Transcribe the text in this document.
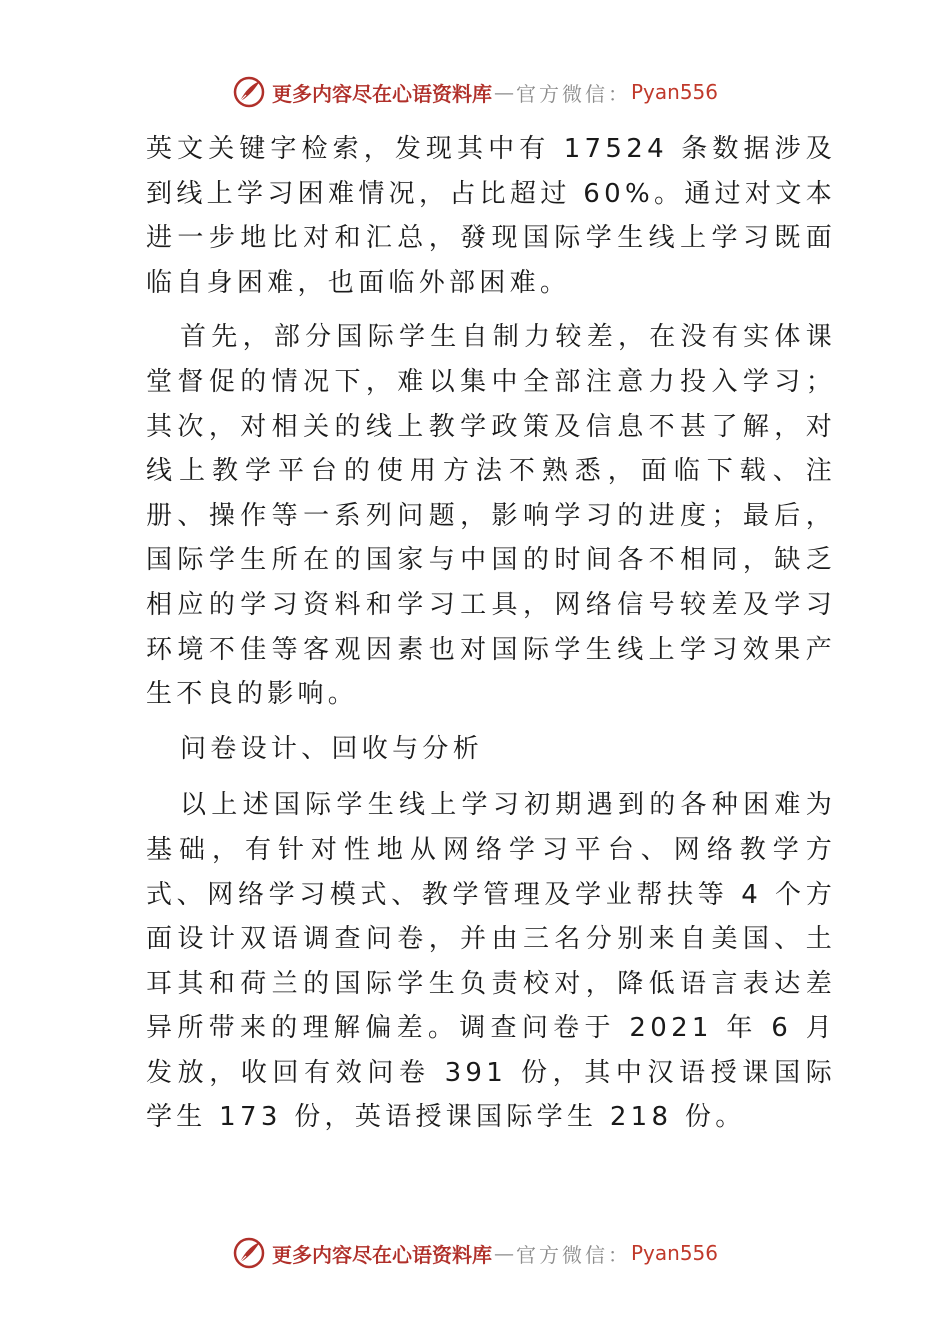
更多内容尽在心语资料库 — 官方微信： Pyan556

英文关键字检索，发现其中有 17524 条数据涉及到线上学习困难情况，占比超过 60%。通过对文本进一步地比对和汇总，發现国际学生线上学习既面临自身困难，也面临外部困难。

首先，部分国际学生自制力较差，在没有实体课堂督促的情况下，难以集中全部注意力投入学习；其次，对相关的线上教学政策及信息不甚了解，对线上教学平台的使用方法不熟悉，面临下载、注册、操作等一系列问题，影响学习的进度；最后，国际学生所在的国家与中国的时间各不相同，缺乏相应的学习资料和学习工具，网络信号较差及学习环境不佳等客观因素也对国际学生线上学习效果产生不良的影响。

问卷设计、回收与分析

以上述国际学生线上学习初期遇到的各种困难为基础，有针对性地从网络学习平台、网络教学方式、网络学习模式、教学管理及学业帮扶等 4 个方面设计双语调查问卷，并由三名分别来自美国、土耳其和荷兰的国际学生负责校对，降低语言表达差异所带来的理解偏差。调查问卷于 2021 年 6 月发放，收回有效问卷 391 份，其中汉语授课国际学生 173 份，英语授课国际学生 218 份。

更多内容尽在心语资料库 — 官方微信： Pyan556
